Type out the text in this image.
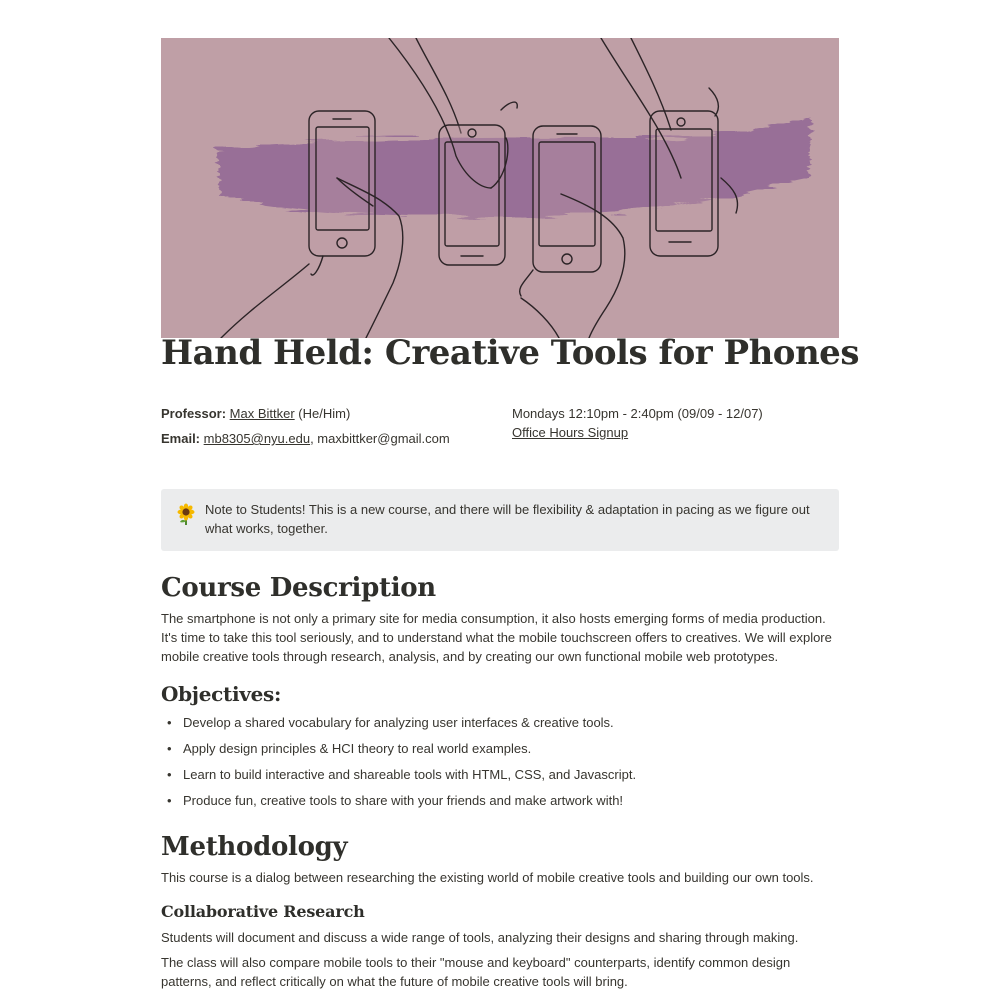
Hand Held: Creative Tools for Phones
Professor: Max Bittker (He/Him)
Email: mb8305@nyu.edu, maxbittker@gmail.com
Mondays 12:10pm - 2:40pm (09/09 - 12/07)
Office Hours Signup
Note to Students! This is a new course, and there will be flexibility & adaptation in pacing as we figure out what works, together.
Course Description

The smartphone is not only a primary site for media consumption, it also hosts emerging forms of media production. It's time to take this tool seriously, and to understand what the mobile touchscreen offers to creatives. We will explore mobile creative tools through research, analysis, and by creating our own functional mobile web prototypes.

Objectives:
• Develop a shared vocabulary for analyzing user interfaces & creative tools.
• Apply design principles & HCI theory to real world examples.
• Learn to build interactive and shareable tools with HTML, CSS, and Javascript.
• Produce fun, creative tools to share with your friends and make artwork with!
Methodology

This course is a dialog between researching the existing world of mobile creative tools and building our own tools.

Collaborative Research

Students will document and discuss a wide range of tools, analyzing their designs and sharing through making.

The class will also compare mobile tools to their "mouse and keyboard" counterparts, identify common design patterns, and reflect critically on what the future of mobile creative tools will bring.
